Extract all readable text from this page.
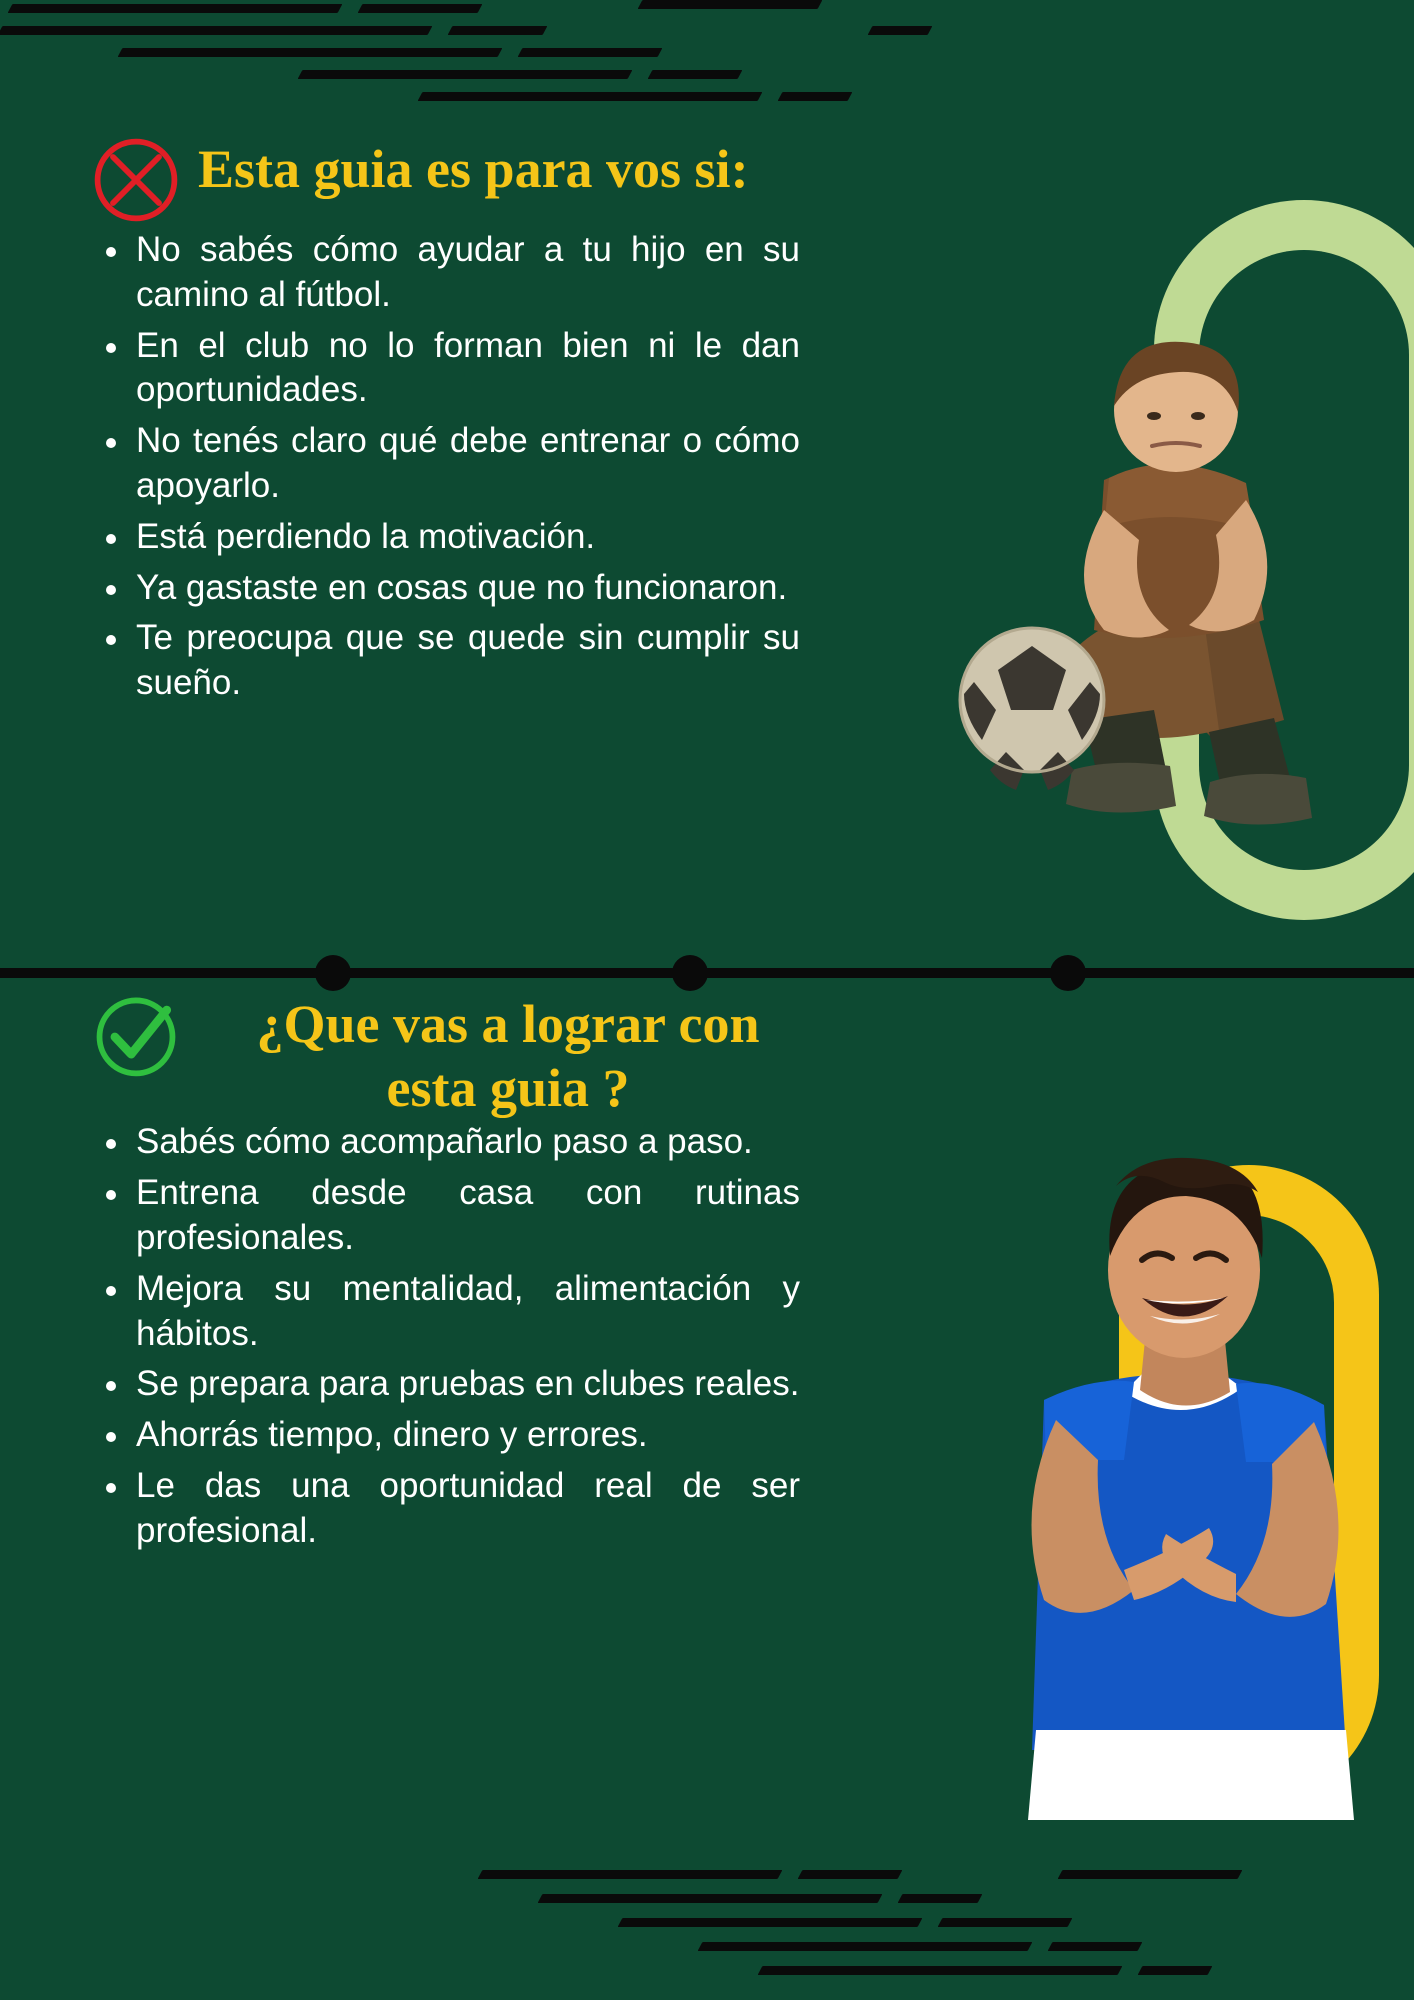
Esta guia es para vos si:
No sabés cómo ayudar a tu hijo en su camino al fútbol.
En el club no lo forman bien ni le dan oportunidades.
No tenés claro qué debe entrenar o cómo apoyarlo.
Está perdiendo la motivación.
Ya gastaste en cosas que no funcionaron.
Te preocupa que se quede sin cumplir su sueño.
¿Que vas a lograr con
esta guia ?
Sabés cómo acompañarlo paso a paso.
Entrena desde casa con rutinas profesionales.
Mejora su mentalidad, alimentación y hábitos.
Se prepara para pruebas en clubes reales.
Ahorrás tiempo, dinero y errores.
Le das una oportunidad real de ser profesional.
